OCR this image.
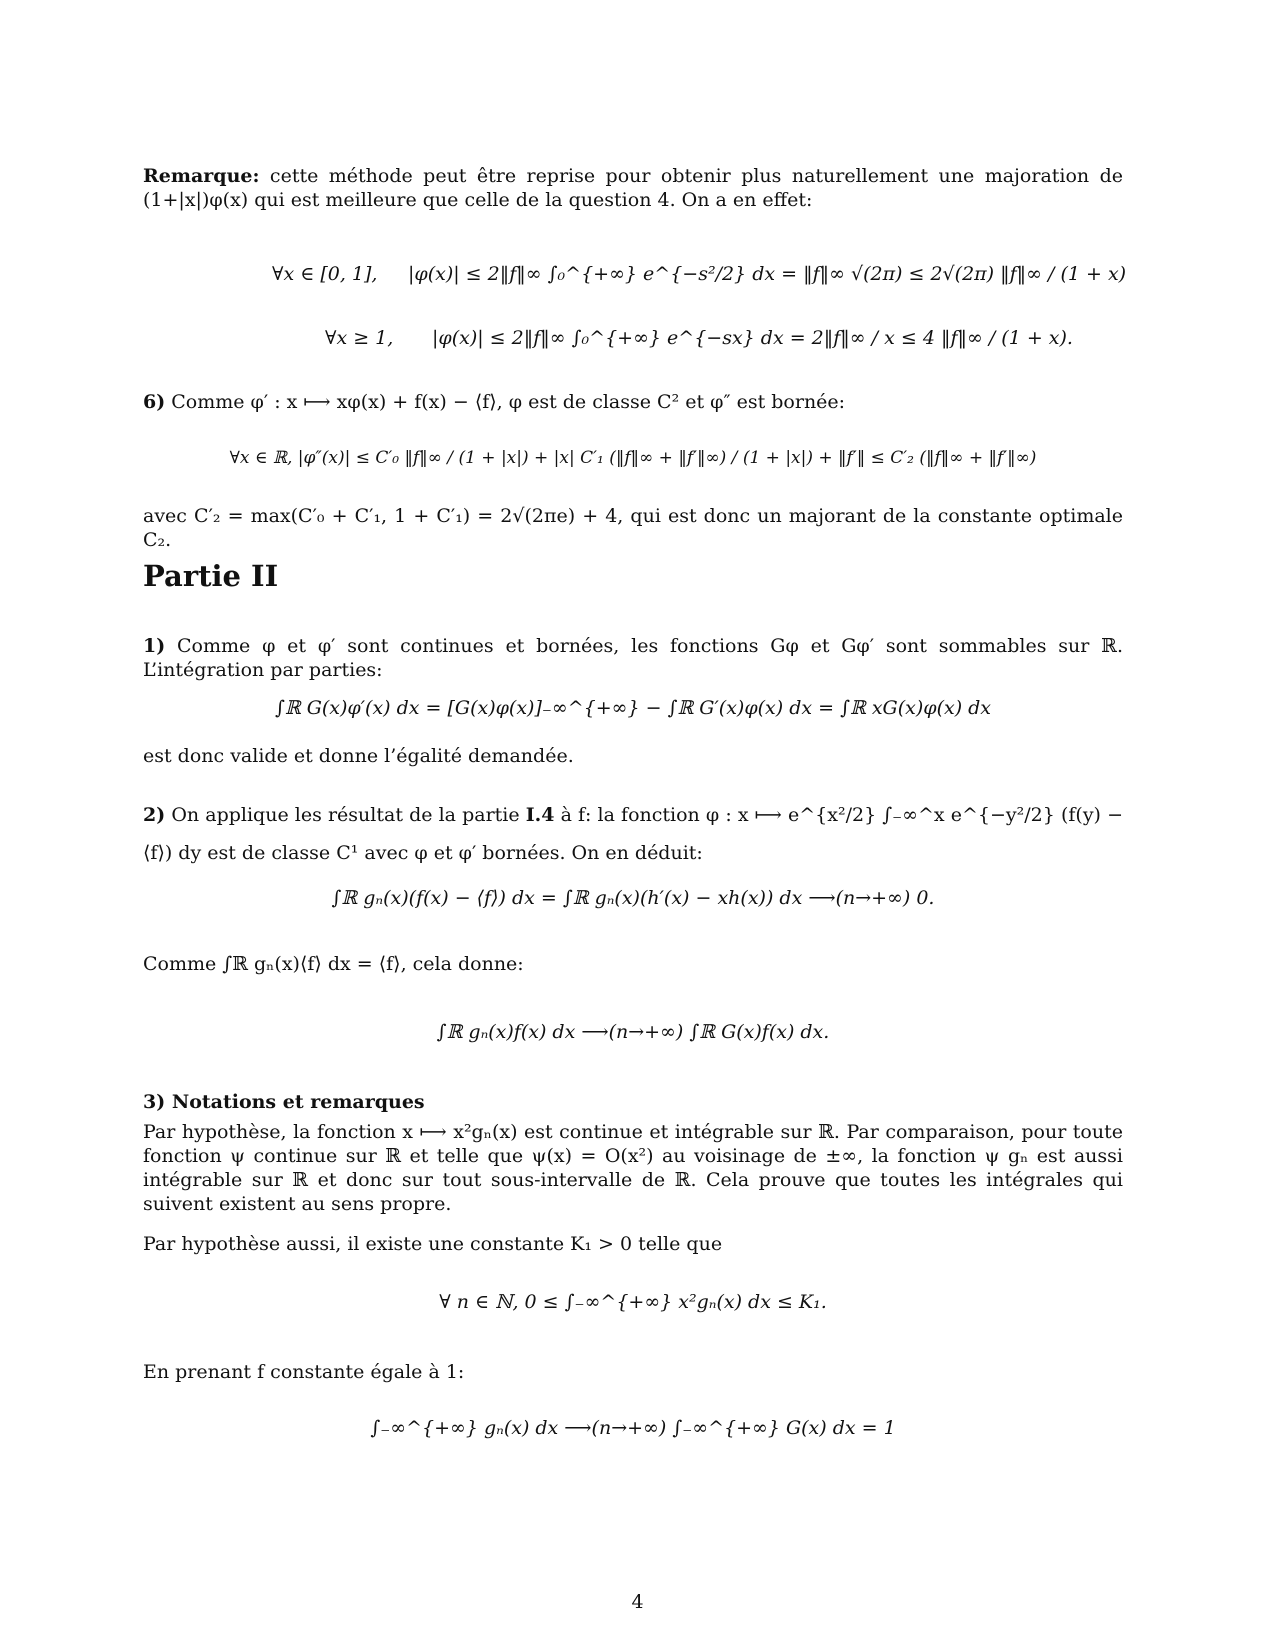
Remarque: cette méthode peut être reprise pour obtenir plus naturellement une majoration de (1+|x|)φ(x) qui est meilleure que celle de la question 4. On a en effet:

∀x ∈ [0, 1], |φ(x)| ≤ 2‖f‖∞ ∫₀^{+∞} e^{−s²/2} dx = ‖f‖∞ √(2π) ≤ 2√(2π) ‖f‖∞ / (1 + x)
∀x ≥ 1, |φ(x)| ≤ 2‖f‖∞ ∫₀^{+∞} e^{−sx} dx = 2‖f‖∞ / x ≤ 4 ‖f‖∞ / (1 + x).

6) Comme φ′ : x ⟼ xφ(x) + f(x) − ⟨f⟩, φ est de classe C² et φ″ est bornée:

∀x ∈ ℝ, |φ″(x)| ≤ C′₀ ‖f‖∞ / (1 + |x|) + |x| C′₁ (‖f‖∞ + ‖f′‖∞) / (1 + |x|) + ‖f′‖ ≤ C′₂ (‖f‖∞ + ‖f′‖∞)

avec C′₂ = max(C′₀ + C′₁, 1 + C′₁) = 2√(2πe) + 4, qui est donc un majorant de la constante optimale C₂.

Partie II

1) Comme φ et φ′ sont continues et bornées, les fonctions Gφ et Gφ′ sont sommables sur ℝ. L’intégration par parties:

∫ℝ G(x)φ′(x) dx = [G(x)φ(x)]₋∞^{+∞} − ∫ℝ G′(x)φ(x) dx = ∫ℝ xG(x)φ(x) dx

est donc valide et donne l’égalité demandée.

2) On applique les résultat de la partie I.4 à f: la fonction φ : x ⟼ e^{x²/2} ∫₋∞^x e^{−y²/2} (f(y) − ⟨f⟩) dy est de classe C¹ avec φ et φ′ bornées. On en déduit:

∫ℝ gₙ(x)(f(x) − ⟨f⟩) dx = ∫ℝ gₙ(x)(h′(x) − xh(x)) dx ⟶(n→+∞) 0.

Comme ∫ℝ gₙ(x)⟨f⟩ dx = ⟨f⟩, cela donne:

∫ℝ gₙ(x)f(x) dx ⟶(n→+∞) ∫ℝ G(x)f(x) dx.

3) Notations et remarques

Par hypothèse, la fonction x ⟼ x²gₙ(x) est continue et intégrable sur ℝ. Par comparaison, pour toute fonction ψ continue sur ℝ et telle que ψ(x) = O(x²) au voisinage de ±∞, la fonction ψ gₙ est aussi intégrable sur ℝ et donc sur tout sous-intervalle de ℝ. Cela prouve que toutes les intégrales qui suivent existent au sens propre.

Par hypothèse aussi, il existe une constante K₁ > 0 telle que

∀ n ∈ ℕ, 0 ≤ ∫₋∞^{+∞} x²gₙ(x) dx ≤ K₁.

En prenant f constante égale à 1:

∫₋∞^{+∞} gₙ(x) dx ⟶(n→+∞) ∫₋∞^{+∞} G(x) dx = 1
4
